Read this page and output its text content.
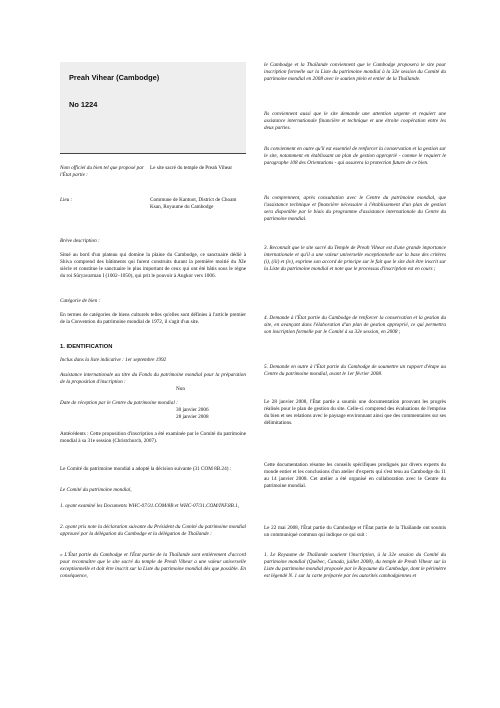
Preah Vihear (Cambodge)
No 1224
Nom officiel du bien tel que proposé par l'État partie :
Le site sacré du temple de Preah Vihear
Lieu :	Commune de Kantuot, District de Choam Ksan, Royaume du Cambodge

Brève description :

Situé au bord d'un plateau qui domine la plaine du Cambodge, ce sanctuaire dédié à Shiva comprend des bâtiments qui furent construits durant la première moitié du XIe siècle et constitue le sanctuaire le plus important de ceux qui ont été bâtis sous le règne du roi Sûryavarman I (1002–1050), qui prit le pouvoir à Angkor vers 1006.

Catégorie de bien :

En termes de catégories de biens culturels telles qu'elles sont définies à l'article premier de la Convention du patrimoine mondial de 1972, il s'agit d'un site.

1. IDENTIFICATION

Inclus dans la liste indicative : 1er septembre 1992

Assistance internationale au titre du Fonds du patrimoine mondial pour la préparation de la proposition d'inscription :

Non

Date de réception par le Centre du patrimoine mondial :

30 janvier 2006
28 janvier 2008

Antécédents : Cette proposition d'inscription a été examinée par le Comité du patrimoine mondial à sa 31e session (Christchurch, 2007).

Le Comité du patrimoine mondial a adopté la décision suivante (31 COM 8B.24) :

Le Comité du patrimoine mondial,

1. ayant examiné les Documents WHC-07/31.COM/8B et WHC-07/31.COM/INF.8B.1,

2. ayant pris note la déclaration suivante du Président du Comité du patrimoine mondial approuvé par la délégation du Cambodge et la délégation de Thaïlande :

« L'État partie du Cambodge et l'État partie de la Thaïlande sont entièrement d'accord pour reconnaître que le site sacré du temple de Preah Vihear a une valeur universelle exceptionnelle et doit être inscrit sur la Liste du patrimoine mondial dès que possible. En conséquence,

le Cambodge et la Thaïlande conviennent que le Cambodge proposera le site pour inscription formelle sur la Liste du patrimoine mondial à la 32e session du Comité du patrimoine mondial en 2008 avec le soutien plein et entier de la Thaïlande.

Ils conviennent aussi que le site demande une attention urgente et requiert une assistance internationale financière et technique et une étroite coopération entre les deux parties.

Ils conviennent en outre qu'il est essentiel de renforcer la conservation et la gestion sur le site, notamment en établissant un plan de gestion approprié - comme le requiert le paragraphe 108 des Orientations - qui assurera la protection future de ce bien.

Ils comprennent, après consultation avec le Centre du patrimoine mondial, que l'assistance technique et financière nécessaire à l'établissement d'un plan de gestion sera disponible par le biais du programme d'assistance internationale du Centre du patrimoine mondial.

3. Reconnaît que le site sacré du Temple de Preah Vihear est d'une grande importance internationale et qu'il a une valeur universelle exceptionnelle sur la base des critères (i), (iii) et (iv), exprime son accord de principe sur le fait que le site doit être inscrit sur la Liste du patrimoine mondial et note que le processus d'inscription est en cours ;

4. Demande à l'État partie du Cambodge de renforcer la conservation et la gestion du site, en avançant dans l'élaboration d'un plan de gestion approprié, ce qui permettra son inscription formelle par le Comité à sa 32e session, en 2008 ;

5. Demande en outre à l'État partie du Cambodge de soumettre un rapport d'étape au Centre du patrimoine mondial, avant le 1er février 2008.

Le 28 janvier 2008, l'État partie a soumis une documentation prouvant les progrès réalisés pour le plan de gestion du site. Celle-ci comprend des évaluations de l'emprise du bien et ses relations avec le paysage environnant ainsi que des commentaires sur ses délimitations.

Cette documentation résume les conseils spécifiques prodigués par divers experts du monde entier et les conclusions d'un atelier d'experts qui s'est tenu au Cambodge du 11 au 14 janvier 2008. Cet atelier a été organisé en collaboration avec le Centre du patrimoine mondial.

Le 22 mai 2008, l'État partie du Cambodge et l'État partie de la Thaïlande ont soumis un communiqué commun qui indique ce qui suit :

1. Le Royaume de Thaïlande soutient l'inscription, à la 32e session du Comité du patrimoine mondial (Québec, Canada, juillet 2008), du temple de Preah Vihear sur la Liste du patrimoine mondial proposée par le Royaume du Cambodge, dont le périmètre est légendé N. 1 sur la carte préparée par les autorités cambodgiennes et
